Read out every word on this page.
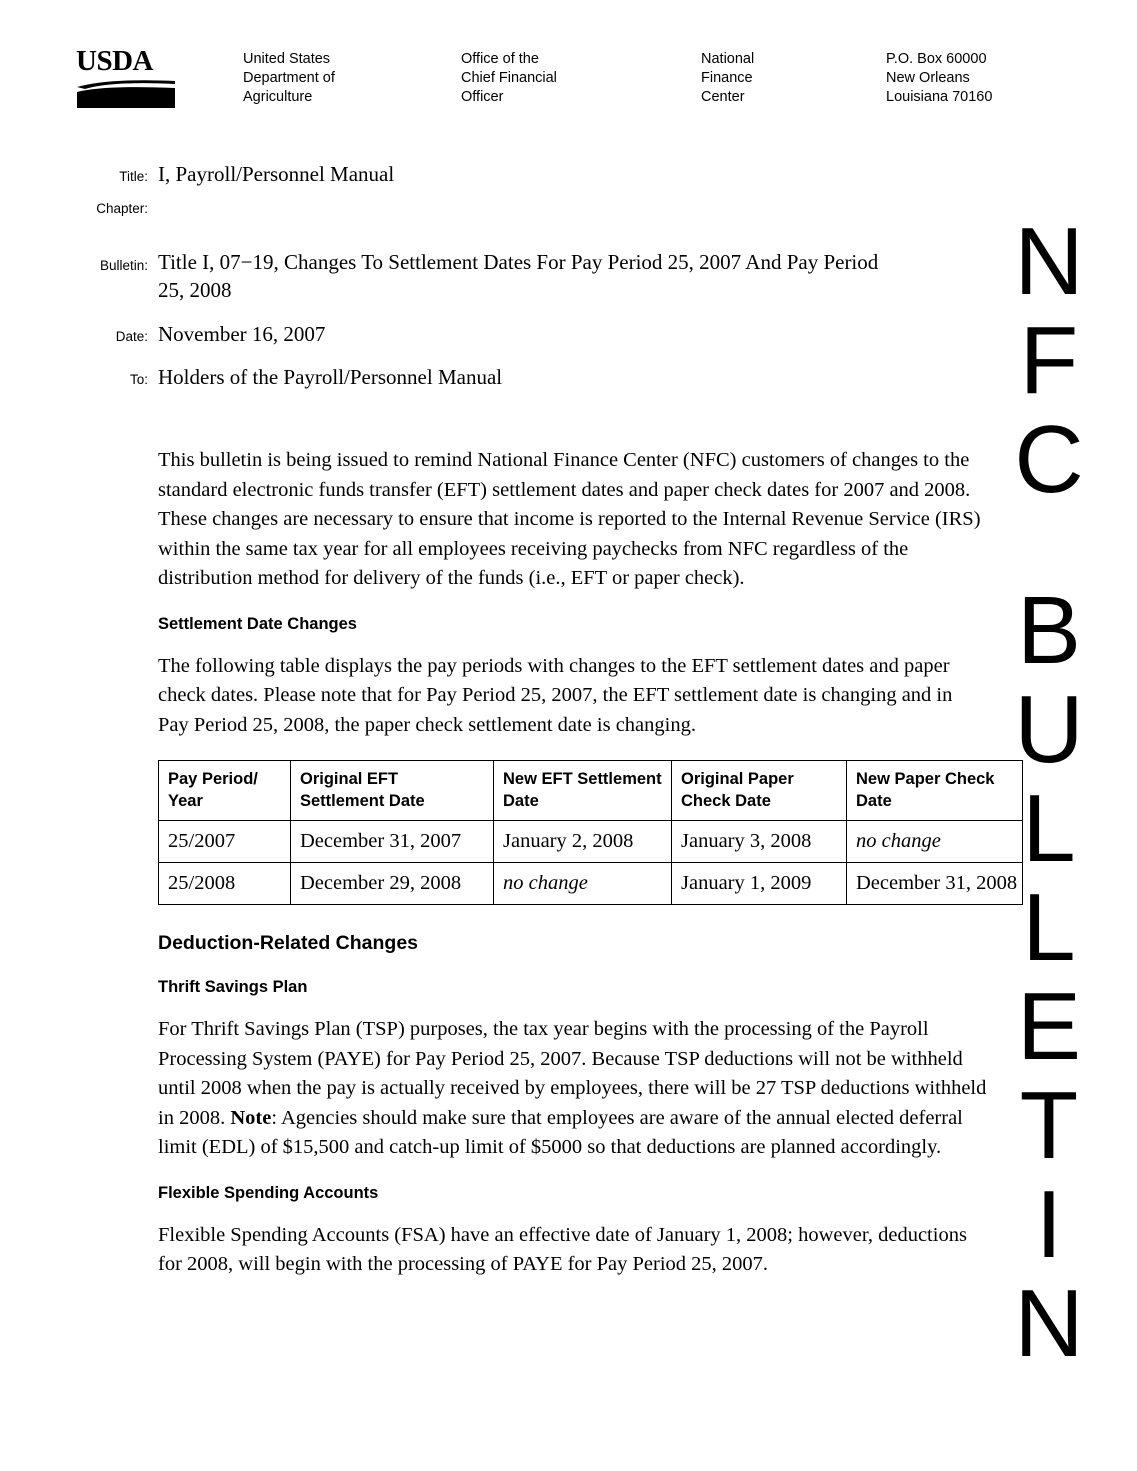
USDA	United States
Department of
Agriculture
Office of the
Chief Financial
Officer
National
Finance
Center
P.O. Box 60000
New Orleans
Louisiana 70160
Title: I, Payroll/Personnel Manual
Chapter:
Bulletin: Title I, 07−19, Changes To Settlement Dates For Pay Period 25, 2007 And Pay Period 25, 2008
Date: November 16, 2007
To: Holders of the Payroll/Personnel Manual

This bulletin is being issued to remind National Finance Center (NFC) customers of changes to the standard electronic funds transfer (EFT) settlement dates and paper check dates for 2007 and 2008. These changes are necessary to ensure that income is reported to the Internal Revenue Service (IRS) within the same tax year for all employees receiving paychecks from NFC regardless of the distribution method for delivery of the funds (i.e., EFT or paper check).

Settlement Date Changes

The following table displays the pay periods with changes to the EFT settlement dates and paper check dates. Please note that for Pay Period 25, 2007, the EFT settlement date is changing and in Pay Period 25, 2008, the paper check settlement date is changing.

Pay Period/ Year	Original EFT Settlement Date	New EFT Settlement Date	Original Paper Check Date	New Paper Check Date
25/2007	December 31, 2007	January 2, 2008	January 3, 2008	no change
25/2008	December 29, 2008	no change	January 1, 2009	December 31, 2008
Deduction-Related Changes
Thrift Savings Plan

For Thrift Savings Plan (TSP) purposes, the tax year begins with the processing of the Payroll Processing System (PAYE) for Pay Period 25, 2007. Because TSP deductions will not be withheld until 2008 when the pay is actually received by employees, there will be 27 TSP deductions withheld in 2008. Note: Agencies should make sure that employees are aware of the annual elected deferral limit (EDL) of $15,500 and catch-up limit of $5000 so that deductions are planned accordingly.

Flexible Spending Accounts

Flexible Spending Accounts (FSA) have an effective date of January 1, 2008; however, deductions for 2008, will begin with the processing of PAYE for Pay Period 25, 2007.

N
F
C
B
U
L
L
E
T
I
N
